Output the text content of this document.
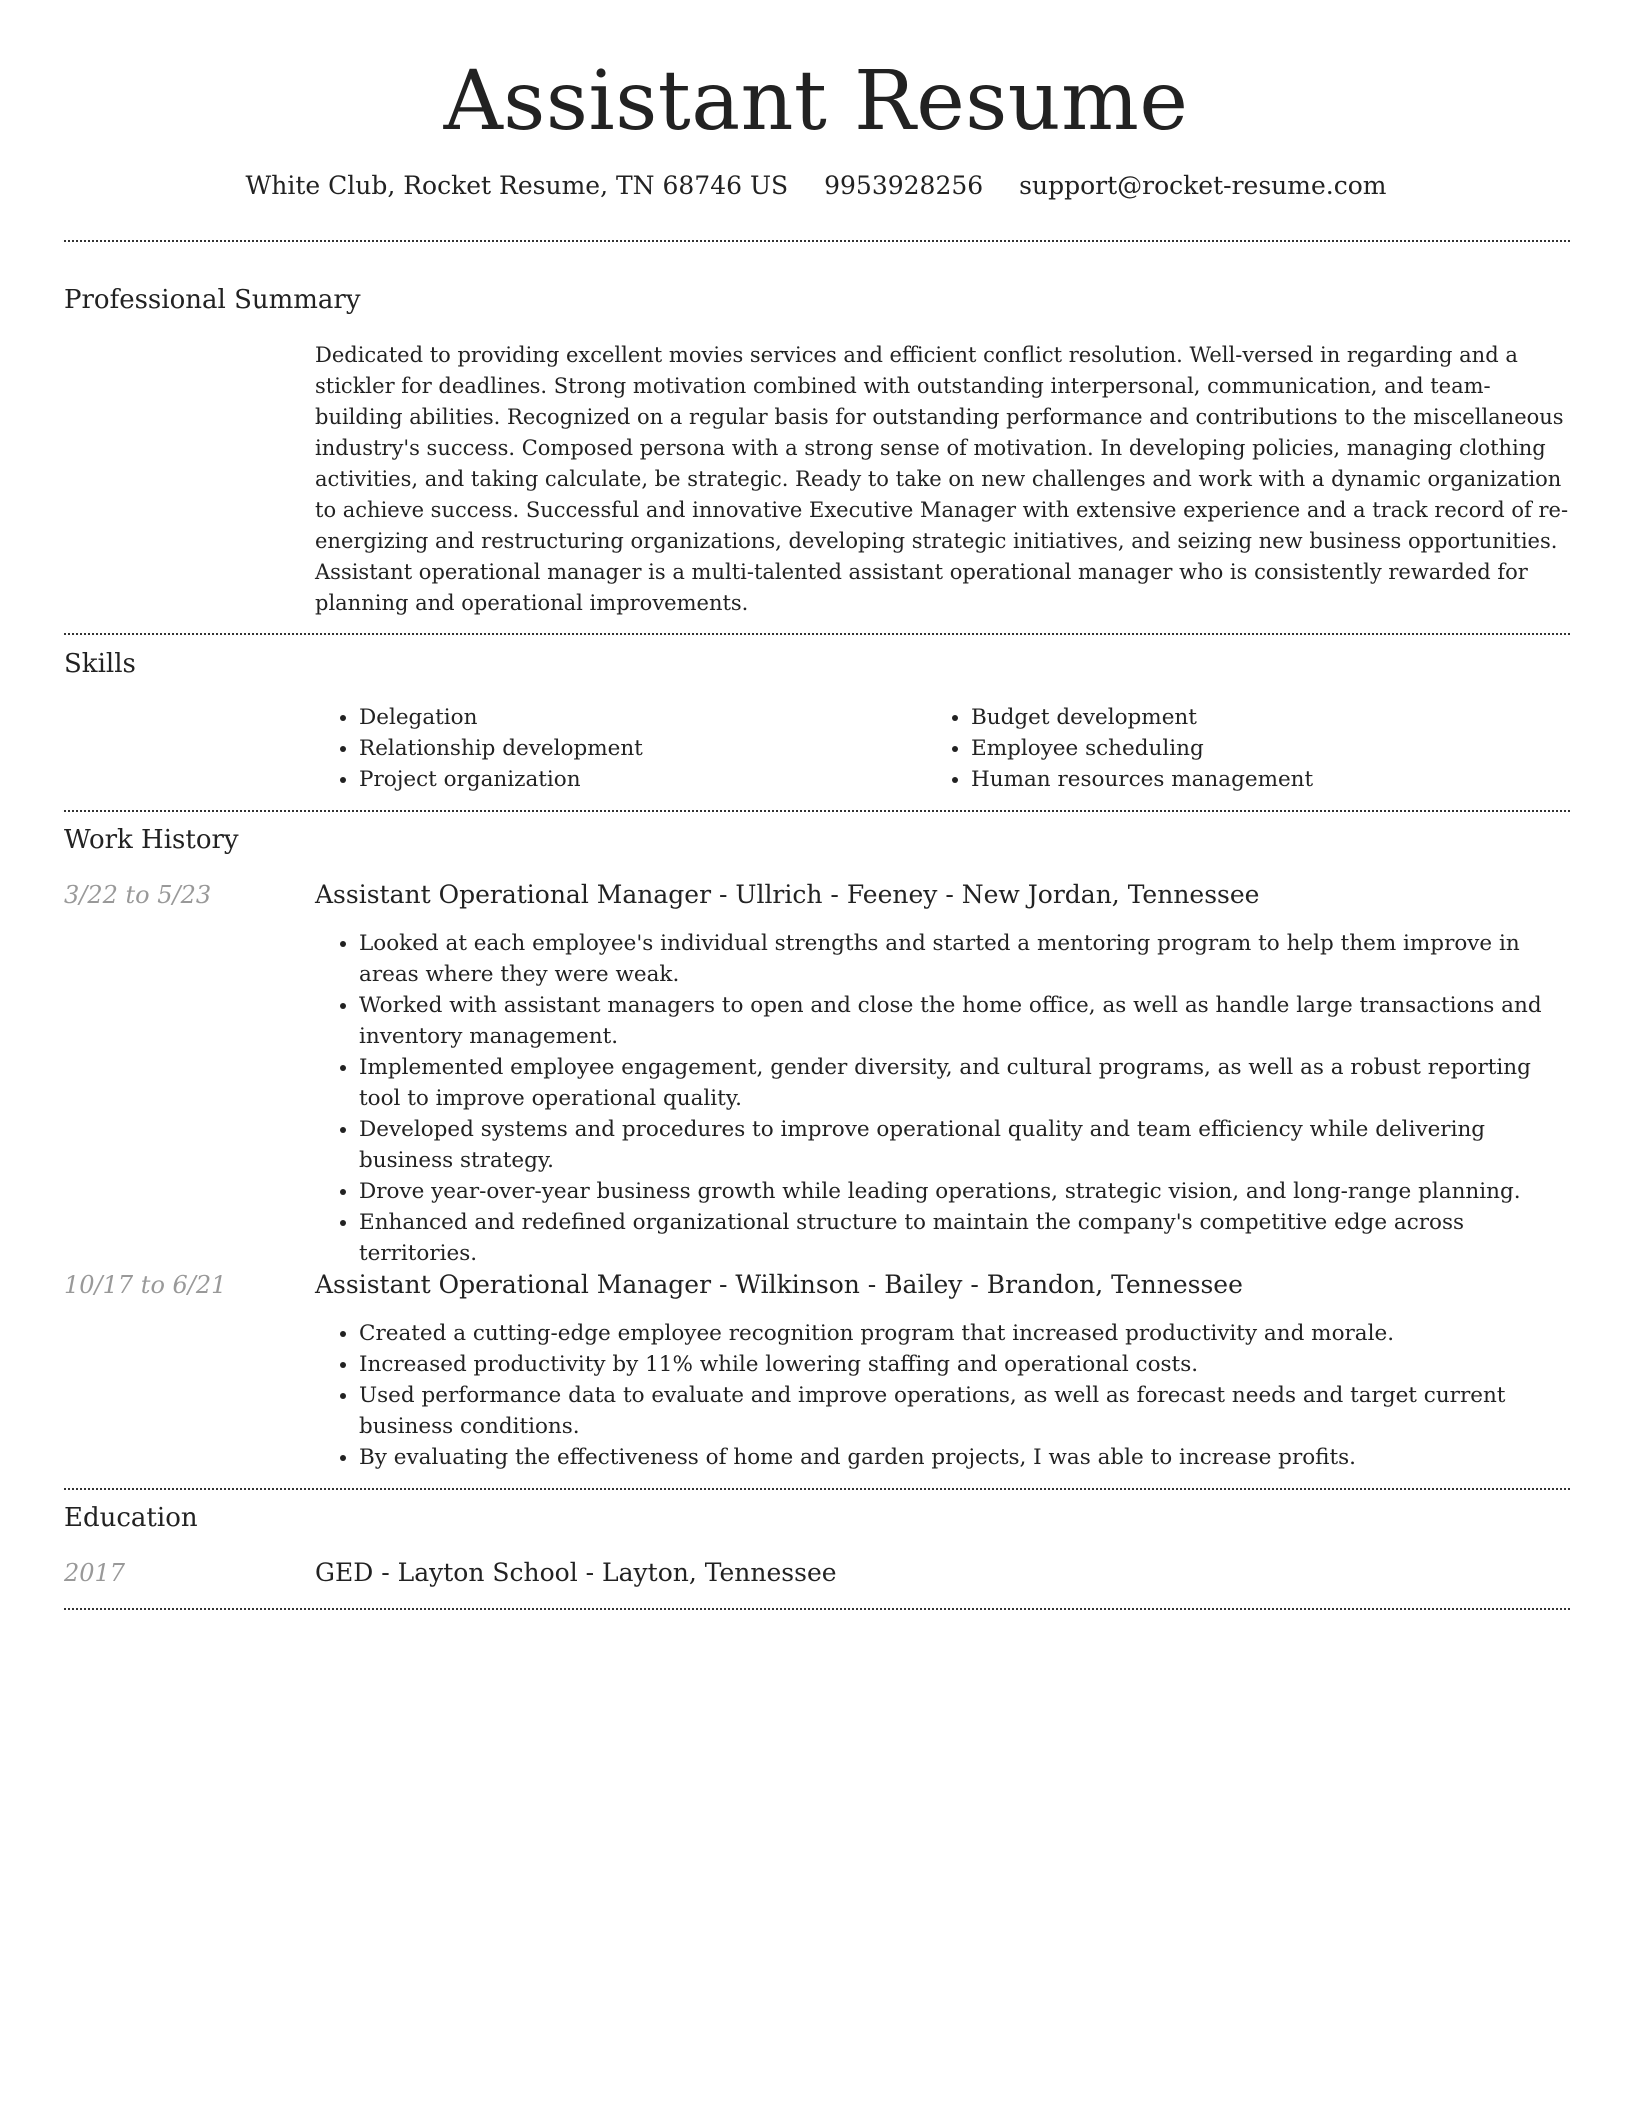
Assistant Resume
White Club, Rocket Resume, TN 68746 US 9953928256 support@rocket-resume.com
Professional Summary
Dedicated to providing excellent movies services and efficient conflict resolution. Well-versed in regarding and a stickler for deadlines. Strong motivation combined with outstanding interpersonal, communication, and team-building abilities. Recognized on a regular basis for outstanding performance and contributions to the miscellaneous industry's success. Composed persona with a strong sense of motivation. In developing policies, managing clothing activities, and taking calculate, be strategic. Ready to take on new challenges and work with a dynamic organization to achieve success. Successful and innovative Executive Manager with extensive experience and a track record of re-energizing and restructuring organizations, developing strategic initiatives, and seizing new business opportunities. Assistant operational manager is a multi-talented assistant operational manager who is consistently rewarded for planning and operational improvements.
Skills
• Delegation
• Relationship development
• Project organization
• Budget development
• Employee scheduling
• Human resources management
Work History
3/22 to 5/23	Assistant Operational Manager - Ullrich - Feeney - New Jordan, Tennessee
• Looked at each employee's individual strengths and started a mentoring program to help them improve in areas where they were weak.
• Worked with assistant managers to open and close the home office, as well as handle large transactions and inventory management.
• Implemented employee engagement, gender diversity, and cultural programs, as well as a robust reporting tool to improve operational quality.
• Developed systems and procedures to improve operational quality and team efficiency while delivering business strategy.
• Drove year-over-year business growth while leading operations, strategic vision, and long-range planning.
• Enhanced and redefined organizational structure to maintain the company's competitive edge across territories.
10/17 to 6/21	Assistant Operational Manager - Wilkinson - Bailey - Brandon, Tennessee
• Created a cutting-edge employee recognition program that increased productivity and morale.
• Increased productivity by 11% while lowering staffing and operational costs.
• Used performance data to evaluate and improve operations, as well as forecast needs and target current business conditions.
• By evaluating the effectiveness of home and garden projects, I was able to increase profits.
Education
2017	GED - Layton School - Layton, Tennessee
